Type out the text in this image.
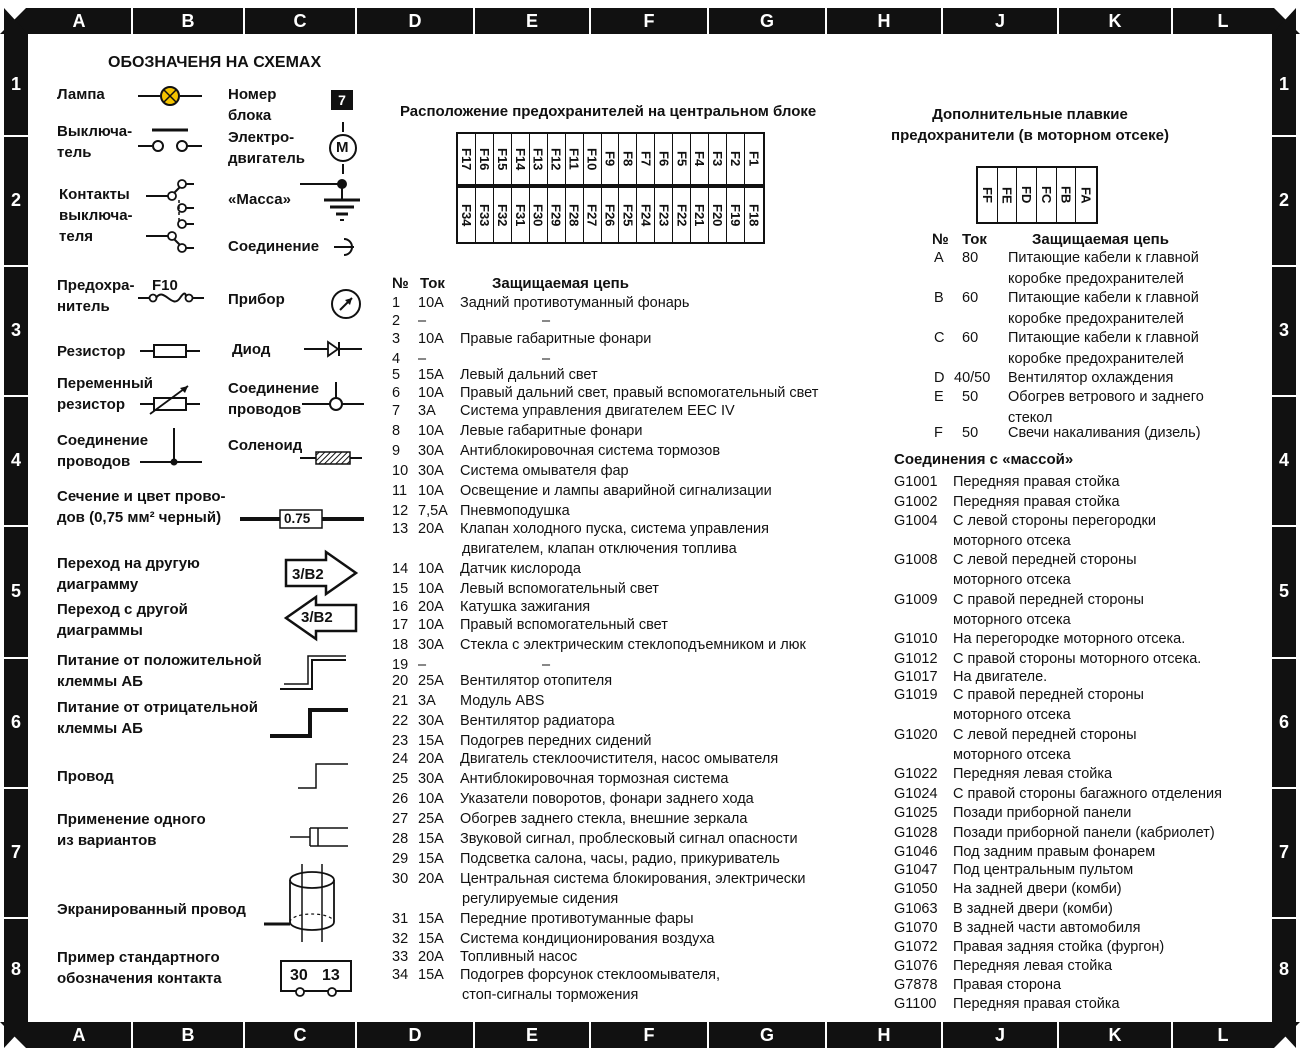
A	B	C	D	E	F	G	H	J	K	L
A	B	C	D	E	F	G	H	J	K	L
1
2
3
4
5
6
7
8
1
2
3
4
5
6
7
8
ОБОЗНАЧЕНЯ НА СХЕМАХ
Лампа
Выключа-
тель
Контакты
выключа-
теля
Предохра-
нитель
F10
Резистор
Переменный
резистор
Соединение
проводов
Номер
блока
7
Электро-
двигатель
M
«Масса»
Соединение
Прибор
Диод
Соединение
проводов
Соленоид
Сечение и цвет прово-
дов (0,75 мм² черный)	0.75
Переход на другую
диаграмму
3/B2
Переход с другой
диаграммы
3/B2
Питание от положительной
клеммы АБ
Питание от отрицательной
клеммы АБ
Провод
Применение одного
из вариантов
Экранированный провод
Пример стандартного
обозначения контакта	30 13
Расположение предохранителей на центральном блоке
F17 F16 F15 F14 F13 F12 F11 F10 F9 F8 F7 F6 F5 F4 F3 F2 F1
F34 F33 F32 F31 F30 F29 F28 F27 F26 F25 F24 F23 F22 F21 F20 F19 F18
№ Ток	Защищаемая цепь
1 10А Задний противотуманный фонарь
2 –	–
3 10А Правые габаритные фонари
4 –	–
5 15А Левый дальний свет
6 10А Правый дальний свет, правый вспомогательный свет
7 3А Система управления двигателем EEC IV
8 10А Левые габаритные фонари
9 30А Антиблокировочная система тормозов
10 30А Система омывателя фар
11 10А Освещение и лампы аварийной сигнализации
12 7,5А Пневмоподушка
13 20А Клапан холодного пуска, система управления
двигателем, клапан отключения топлива
14 10А Датчик кислорода
15 10А Левый вспомогательный свет
16 20А Катушка зажигания
17 10А Правый вспомогательный свет
18 30А Стекла с электрическим стеклоподъемником и люк
19 –	–
20 25А Вентилятор отопителя
21 3А Модуль ABS
22 30А Вентилятор радиатора
23 15А Подогрев передних сидений
24 20А Двигатель стеклоочистителя, насос омывателя
25 30А Антиблокировочная тормозная система
26 10А Указатели поворотов, фонари заднего хода
27 25А Обогрев заднего стекла, внешние зеркала
28 15А Звуковой сигнал, проблесковый сигнал опасности
29 15А Подсветка салона, часы, радио, прикуриватель
30 20А Центральная система блокирования, электрически
регулируемые сидения
31 15А Передние противотуманные фары
32 15А Система кондиционирования воздуха
33 20А Топливный насос
34 15А Подогрев форсунок стеклоомывателя,
стоп-сигналы торможения
Дополнительные плавкие
предохранители (в моторном отсеке)
FF FE FD FC FB FA
№ Ток	Защищаемая цепь
A 80 Питающие кабели к главной
коробке предохранителей
B 60 Питающие кабели к главной
коробке предохранителей
C 60 Питающие кабели к главной
коробке предохранителей
D 40/50 Вентилятор охлаждения
E 50 Обогрев ветрового и заднего
стекол
F 50 Свечи накаливания (дизель)
Соединения с «массой»
G1001 Передняя правая стойка
G1002 Передняя правая стойка
G1004 С левой стороны перегородки
моторного отсека
G1008 С левой передней стороны
моторного отсека
G1009 С правой передней стороны
моторного отсека
G1010 На перегородке моторного отсека.
G1012 С правой стороны моторного отсека.
G1017 На двигателе.
G1019 С правой передней стороны
моторного отсека
G1020 С левой передней стороны
моторного отсека
G1022 Передняя левая стойка
G1024 С правой стороны багажного отделения
G1025 Позади приборной панели
G1028 Позади приборной панели (кабриолет)
G1046 Под задним правым фонарем
G1047 Под центральным пультом
G1050 На задней двери (комби)
G1063 В задней двери (комби)
G1070 В задней части автомобиля
G1072 Правая задняя стойка (фургон)
G1076 Передняя левая стойка
G7878 Правая сторона
G1100 Передняя правая стойка
